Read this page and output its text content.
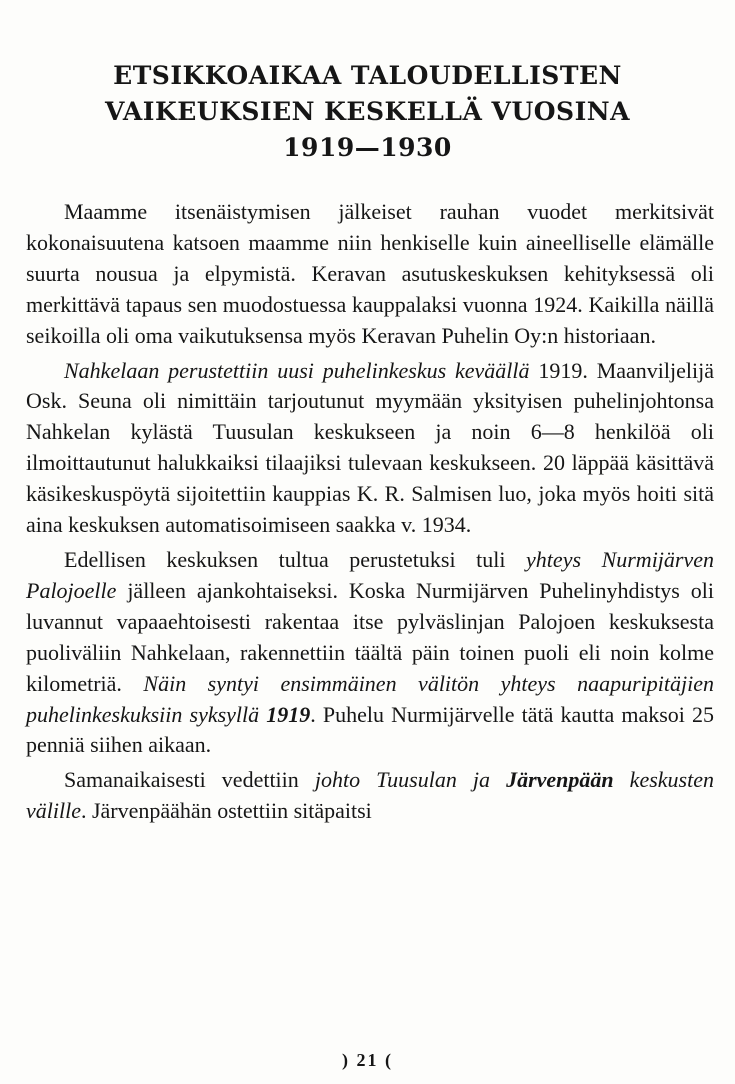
ETSIKKOAIKAA TALOUDELLISTEN
VAIKEUKSIEN KESKELLÄ VUOSINA
1919—1930

Maamme itsenäistymisen jälkeiset rauhan vuodet merkitsivät kokonaisuutena katsoen maamme niin henkiselle kuin aineelliselle elämälle suurta nousua ja elpymistä. Keravan asutuskeskuksen kehityksessä oli merkittävä tapaus sen muodostuessa kauppalaksi vuonna 1924. Kaikilla näillä seikoilla oli oma vaikutuksensa myös Keravan Puhelin Oy:n historiaan.

Nahkelaan perustettiin uusi puhelinkeskus keväällä 1919. Maanviljelijä Osk. Seuna oli nimittäin tarjoutunut myymään yksityisen puhelinjohtonsa Nahkelan kylästä Tuusulan keskukseen ja noin 6—8 henkilöä oli ilmoittautunut halukkaiksi tilaajiksi tulevaan keskukseen. 20 läppää käsittävä käsikeskuspöytä sijoitettiin kauppias K. R. Salmisen luo, joka myös hoiti sitä aina keskuksen automatisoimiseen saakka v. 1934.

Edellisen keskuksen tultua perustetuksi tuli yhteys Nurmijärven Palojoelle jälleen ajankohtaiseksi. Koska Nurmijärven Puhelinyhdistys oli luvannut vapaaehtoisesti rakentaa itse pylväslinjan Palojoen keskuksesta puoliväliin Nahkelaan, rakennettiin täältä päin toinen puoli eli noin kolme kilometriä. Näin syntyi ensimmäinen välitön yhteys naapuripitäjien puhelinkeskuksiin syksyllä 1919. Puhelu Nurmijärvelle tätä kautta maksoi 25 penniä siihen aikaan.

Samanaikaisesti vedettiin johto Tuusulan ja Järvenpään keskusten välille. Järvenpäähän ostettiin sitäpaitsi

) 21 (
